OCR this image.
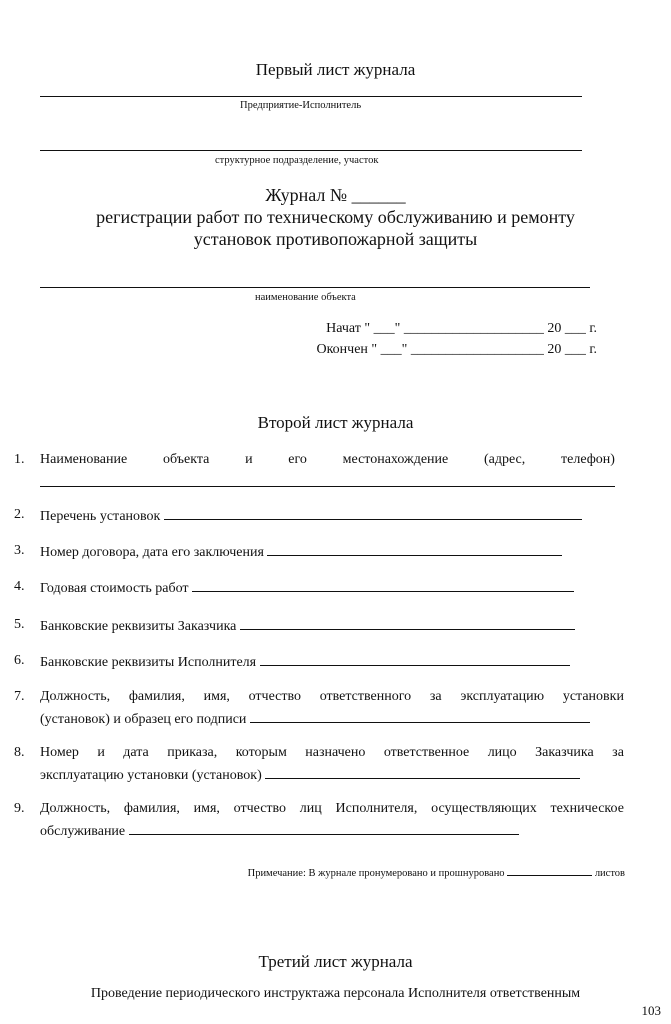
Первый лист журнала
Предприятие-Исполнитель
структурное подразделение, участок
Журнал № ______
регистрации работ по техническому обслуживанию и ремонту
установок противопожарной защиты
наименование объекта
Начат " ___" ____________________ 20 ___ г.
Окончен " ___" ___________________ 20 ___ г.
Второй лист журнала
1. Наименование	объекта	и	его	местонахождение	(адрес,	телефон)
2. Перечень установок
3. Номер договора, дата его заключения
4. Годовая стоимость работ
5. Банковские реквизиты Заказчика
6. Банковские реквизиты Исполнителя
7. Должность, фамилия, имя, отчество ответственного за эксплуатацию установки
(установок) и образец его подписи
8. Номер и дата приказа, которым назначено ответственное лицо Заказчика за
эксплуатацию установки (установок)
9. Должность, фамилия, имя, отчество лиц Исполнителя, осуществляющих техническое
обслуживание
Примечание: В журнале пронумеровано и прошнуровано	листов
Третий лист журнала
Проведение периодического инструктажа персонала Исполнителя ответственным
103
